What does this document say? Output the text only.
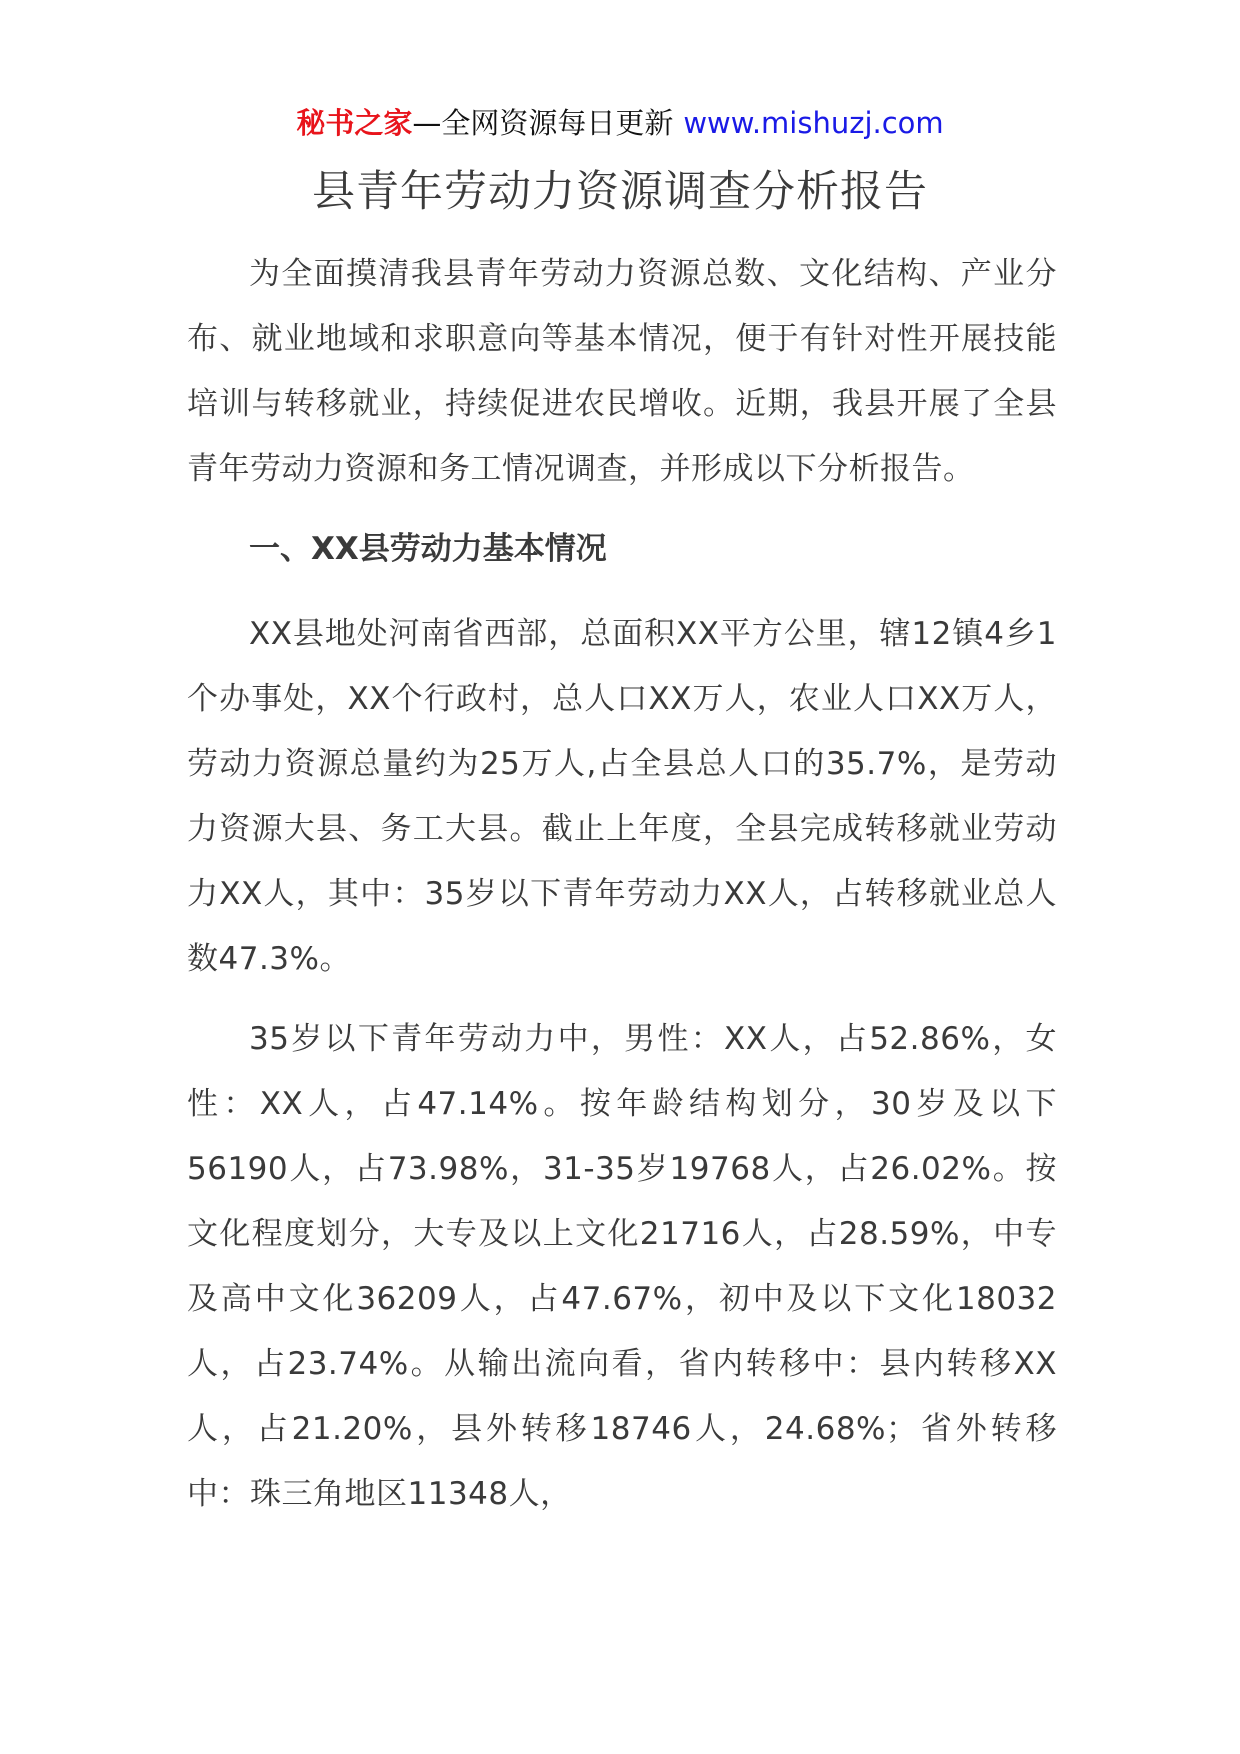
秘书之家—全网资源每日更新 www.mishuzj.com
县青年劳动力资源调查分析报告

为全面摸清我县青年劳动力资源总数、文化结构、产业分布、就业地域和求职意向等基本情况，便于有针对性开展技能培训与转移就业，持续促进农民增收。近期，我县开展了全县青年劳动力资源和务工情况调查，并形成以下分析报告。

一、XX县劳动力基本情况

XX县地处河南省西部，总面积XX平方公里，辖12镇4乡1个办事处，XX个行政村，总人口XX万人，农业人口XX万人，劳动力资源总量约为25万人,占全县总人口的35.7%，是劳动力资源大县、务工大县。截止上年度，全县完成转移就业劳动力XX人，其中：35岁以下青年劳动力XX人，占转移就业总人数47.3%。

35岁以下青年劳动力中，男性：XX人，占52.86%，女性：XX人，占47.14%。按年龄结构划分，30岁及以下56190人，占73.98%，31-35岁19768人，占26.02%。按文化程度划分，大专及以上文化21716人，占28.59%，中专及高中文化36209人，占47.67%，初中及以下文化18032人，占23.74%。从输出流向看，省内转移中：县内转移XX人，占21.20%，县外转移18746人，24.68%；省外转移中：珠三角地区11348人，
